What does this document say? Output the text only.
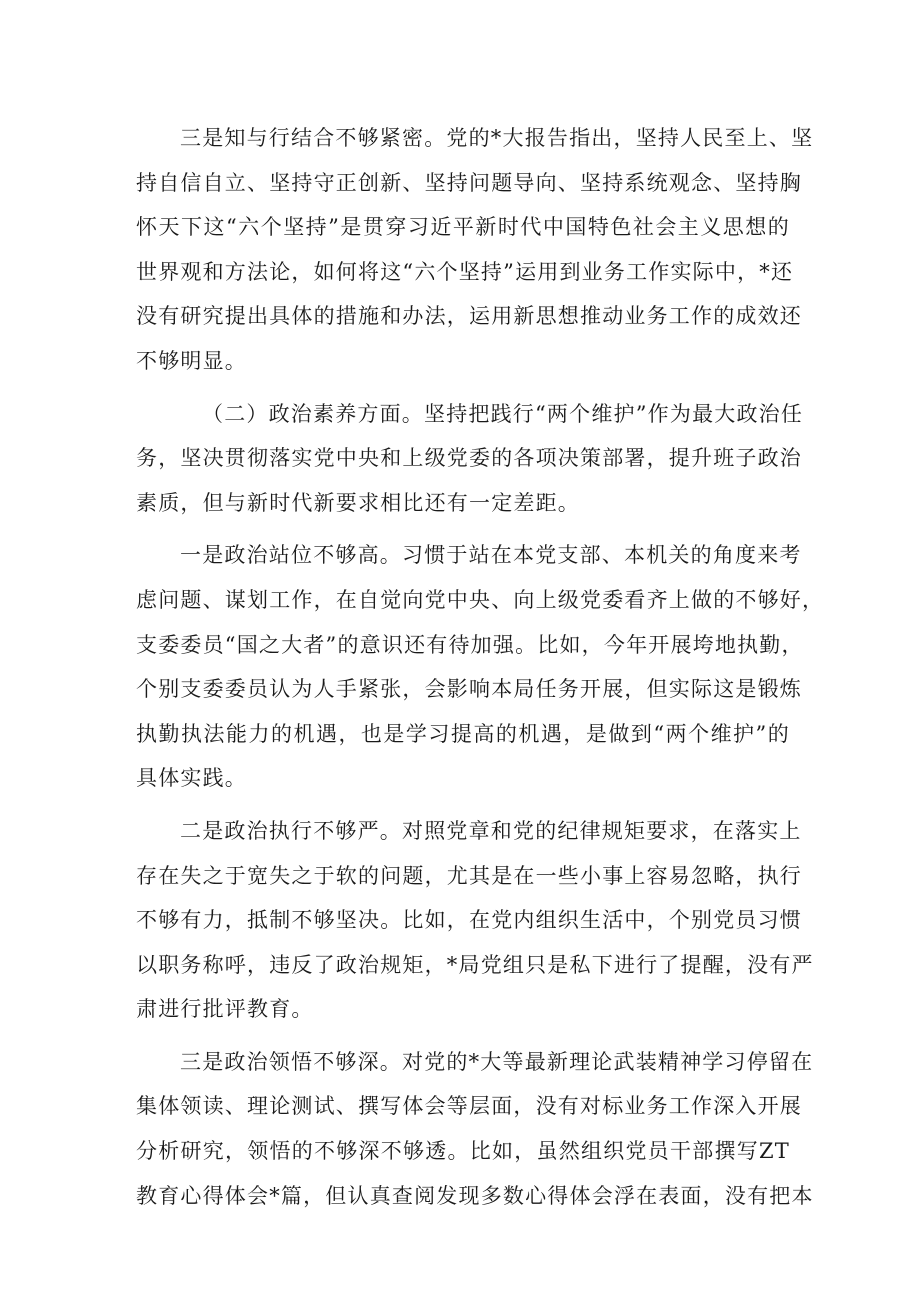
三是知与行结合不够紧密。党的*大报告指出，坚持人民至上、坚
持自信自立、坚持守正创新、坚持问题导向、坚持系统观念、坚持胸
怀天下这“六个坚持”是贯穿习近平新时代中国特色社会主义思想的
世界观和方法论，如何将这“六个坚持”运用到业务工作实际中，*还
没有研究提出具体的措施和办法，运用新思想推动业务工作的成效还
不够明显。

（二）政治素养方面。坚持把践行“两个维护”作为最大政治任
务，坚决贯彻落实党中央和上级党委的各项决策部署，提升班子政治
素质，但与新时代新要求相比还有一定差距。

一是政治站位不够高。习惯于站在本党支部、本机关的角度来考
虑问题、谋划工作，在自觉向党中央、向上级党委看齐上做的不够好，
支委委员“国之大者”的意识还有待加强。比如，今年开展垮地执勤，
个别支委委员认为人手紧张，会影响本局任务开展，但实际这是锻炼
执勤执法能力的机遇，也是学习提高的机遇，是做到“两个维护”的
具体实践。

二是政治执行不够严。对照党章和党的纪律规矩要求，在落实上
存在失之于宽失之于软的问题，尤其是在一些小事上容易忽略，执行
不够有力，抵制不够坚决。比如，在党内组织生活中，个别党员习惯
以职务称呼，违反了政治规矩，*局党组只是私下进行了提醒，没有严
肃进行批评教育。

三是政治领悟不够深。对党的*大等最新理论武装精神学习停留在
集体领读、理论测试、撰写体会等层面，没有对标业务工作深入开展
分析研究，领悟的不够深不够透。比如，虽然组织党员干部撰写ZT
教育心得体会*篇，但认真查阅发现多数心得体会浮在表面，没有把本
